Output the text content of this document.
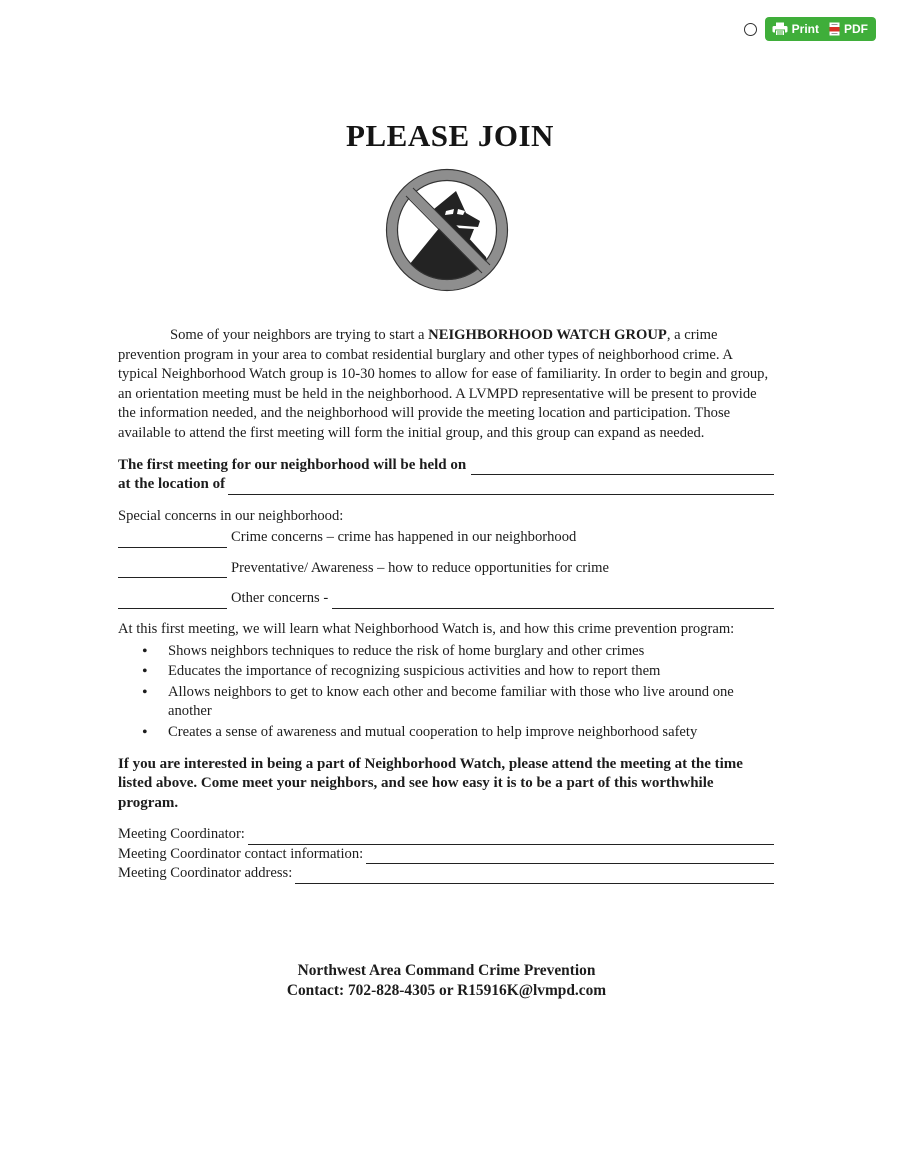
Print PDF
PLEASE JOIN

Some of your neighbors are trying to start a NEIGHBORHOOD WATCH GROUP, a crime prevention program in your area to combat residential burglary and other types of neighborhood crime. A typical Neighborhood Watch group is 10-30 homes to allow for ease of familiarity. In order to begin and group, an orientation meeting must be held in the neighborhood. A LVMPD representative will be present to provide the information needed, and the neighborhood will provide the meeting location and participation. Those available to attend the first meeting will form the initial group, and this group can expand as needed.

The first meeting for our neighborhood will be held on
at the location of
Special concerns in our neighborhood:
Crime concerns – crime has happened in our neighborhood
Preventative/ Awareness – how to reduce opportunities for crime
Other concerns -
At this first meeting, we will learn what Neighborhood Watch is, and how this crime prevention program:
• Shows neighbors techniques to reduce the risk of home burglary and other crimes
• Educates the importance of recognizing suspicious activities and how to report them
• Allows neighbors to get to know each other and become familiar with those who live around one another
• Creates a sense of awareness and mutual cooperation to help improve neighborhood safety
If you are interested in being a part of Neighborhood Watch, please attend the meeting at the time listed above. Come meet your neighbors, and see how easy it is to be a part of this worthwhile program.
Meeting Coordinator:
Meeting Coordinator contact information:
Meeting Coordinator address:
Northwest Area Command Crime Prevention
Contact: 702-828-4305 or R15916K@lvmpd.com
